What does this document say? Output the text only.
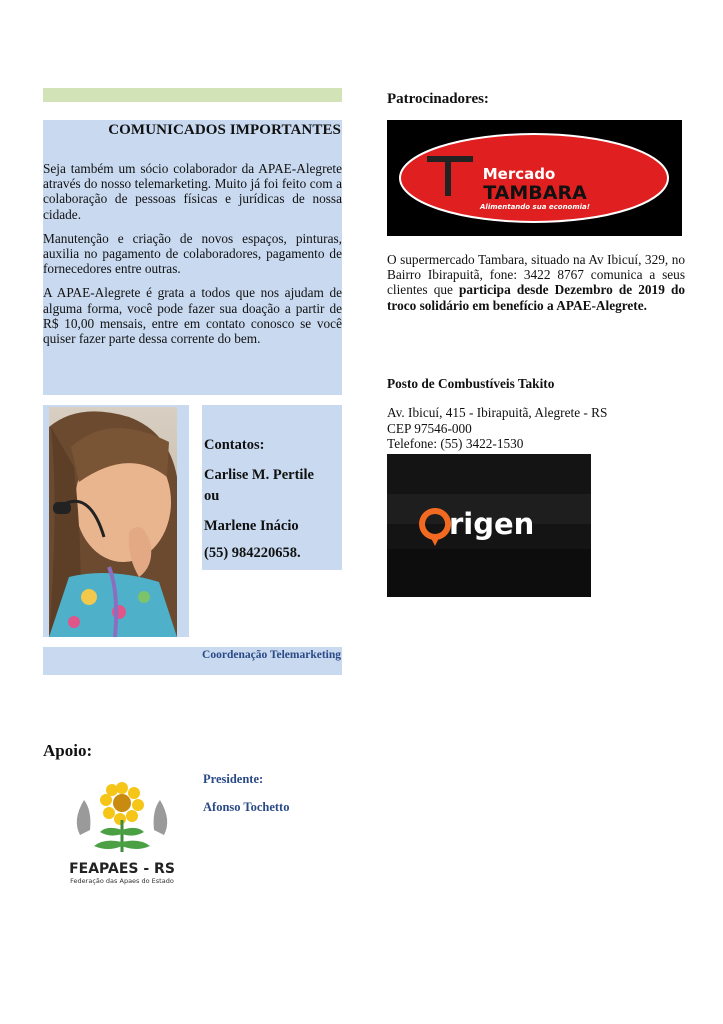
COMUNICADOS IMPORTANTES

Seja também um sócio colaborador da APAE-Alegrete através do nosso telemarketing. Muito já foi feito com a colaboração de pessoas físicas e jurídicas de nossa cidade.

Manutenção e criação de novos espaços, pinturas, auxilia no pagamento de colaboradores, pagamento de fornecedores entre outras.

A APAE-Alegrete é grata a todos que nos ajudam de alguma forma, você pode fazer sua doação a partir de R$ 10,00 mensais, entre em contato conosco se você quiser fazer parte dessa corrente do bem.

Contatos:
Carlise M. Pertile
ou
Marlene Inácio
(55) 984220658.
Coordenação Telemarketing
Apoio:
FEAPAES - RS
Federação das Apaes do Estado
Presidente:
Afonso Tochetto
Patrocinadores:
Mercado
TAMBARA
Alimentando sua economia!
O supermercado Tambara, situado na Av Ibicuí, 329, no Bairro Ibirapuitã, fone: 3422 8767 comunica a seus clientes que participa desde Dezembro de 2019 do troco solidário em benefício a APAE-Alegrete.
Posto de Combustíveis Takito
Av. Ibicuí, 415 - Ibirapuitã, Alegrete - RS
CEP 97546-000
Telefone: (55) 3422-1530
rigen
